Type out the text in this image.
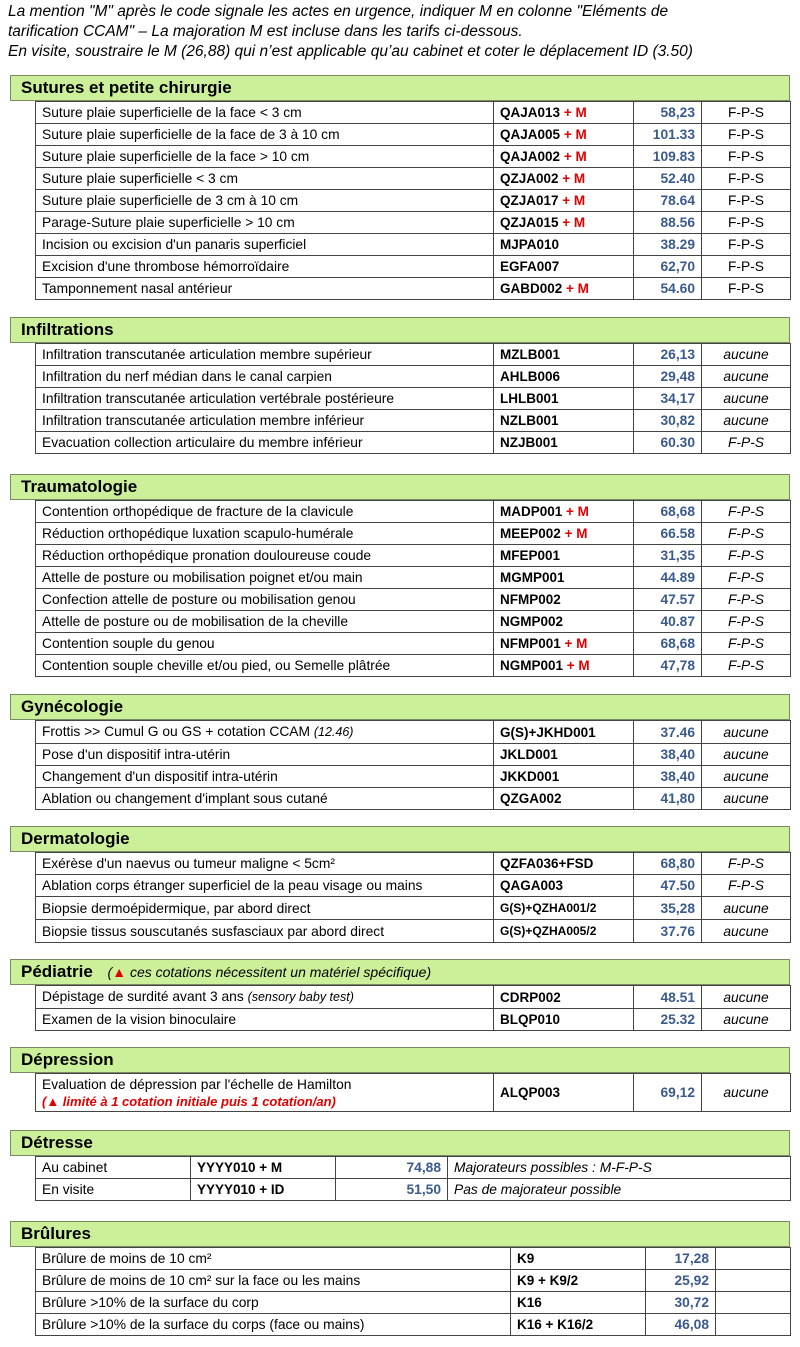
La mention "M" après le code signale les actes en urgence, indiquer M en colonne "Eléments de
tarification CCAM" – La majoration M est incluse dans les tarifs ci-dessous.
En visite, soustraire le M (26,88) qui n’est applicable qu’au cabinet et coter le déplacement ID (3.50)
Sutures et petite chirurgie
Suture plaie superficielle de la face < 3 cm	QAJA013 + M	58,23	F-P-S
Suture plaie superficielle de la face de 3 à 10 cm	QAJA005 + M	101.33	F-P-S
Suture plaie superficielle de la face > 10 cm	QAJA002 + M	109.83	F-P-S
Suture plaie superficielle < 3 cm	QZJA002 + M	52.40	F-P-S
Suture plaie superficielle de 3 cm à 10 cm	QZJA017 + M	78.64	F-P-S
Parage-Suture plaie superficielle > 10 cm	QZJA015 + M	88.56	F-P-S
Incision ou excision d'un panaris superficiel	MJPA010	38.29	F-P-S
Excision d'une thrombose hémorroïdaire	EGFA007	62,70	F-P-S
Tamponnement nasal antérieur	GABD002 + M	54.60	F-P-S
Infiltrations
Infiltration transcutanée articulation membre supérieur	MZLB001	26,13	aucune
Infiltration du nerf médian dans le canal carpien	AHLB006	29,48	aucune
Infiltration transcutanée articulation vertébrale postérieure	LHLB001	34,17	aucune
Infiltration transcutanée articulation membre inférieur	NZLB001	30,82	aucune
Evacuation collection articulaire du membre inférieur	NZJB001	60.30	F-P-S
Traumatologie
Contention orthopédique de fracture de la clavicule	MADP001 + M	68,68	F-P-S
Réduction orthopédique luxation scapulo-humérale	MEEP002 + M	66.58	F-P-S
Réduction orthopédique pronation douloureuse coude	MFEP001	31,35	F-P-S
Attelle de posture ou mobilisation poignet et/ou main	MGMP001	44.89	F-P-S
Confection attelle de posture ou mobilisation genou	NFMP002	47.57	F-P-S
Attelle de posture ou de mobilisation de la cheville	NGMP002	40.87	F-P-S
Contention souple du genou	NFMP001 + M	68,68	F-P-S
Contention souple cheville et/ou pied, ou Semelle plâtrée	NGMP001 + M	47,78	F-P-S
Gynécologie
Frottis >> Cumul G ou GS + cotation CCAM (12.46)	G(S)+JKHD001	37.46	aucune
Pose d'un dispositif intra-utérin	JKLD001	38,40	aucune
Changement d'un dispositif intra-utérin	JKKD001	38,40	aucune
Ablation ou changement d'implant sous cutané	QZGA002	41,80	aucune
Dermatologie
Exérèse d'un naevus ou tumeur maligne < 5cm²	QZFA036+FSD	68,80	F-P-S
Ablation corps étranger superficiel de la peau visage ou mains	QAGA003	47.50	F-P-S
Biopsie dermoépidermique, par abord direct	G(S)+QZHA001/2	35,28	aucune
Biopsie tissus souscutanés susfasciaux par abord direct	G(S)+QZHA005/2	37.76	aucune
Pédiatrie (▲ ces cotations nécessitent un matériel spécifique)
Dépistage de surdité avant 3 ans (sensory baby test)	CDRP002	48.51	aucune
Examen de la vision binoculaire	BLQP010	25.32	aucune
Dépression
Evaluation de dépression par l'échelle de Hamilton
(▲ limité à 1 cotation initiale puis 1 cotation/an)
	ALQP003	69,12	aucune
Détresse
Au cabinet	YYYY010 + M	74,88	Majorateurs possibles : M-F-P-S
En visite	YYYY010 + ID	51,50	Pas de majorateur possible
Brûlures
Brûlure de moins de 10 cm²	K9	17,28	
Brûlure de moins de 10 cm² sur la face ou les mains	K9 + K9/2	25,92	
Brûlure >10% de la surface du corp	K16	30,72	
Brûlure >10% de la surface du corps (face ou mains)	K16 + K16/2	46,08	
